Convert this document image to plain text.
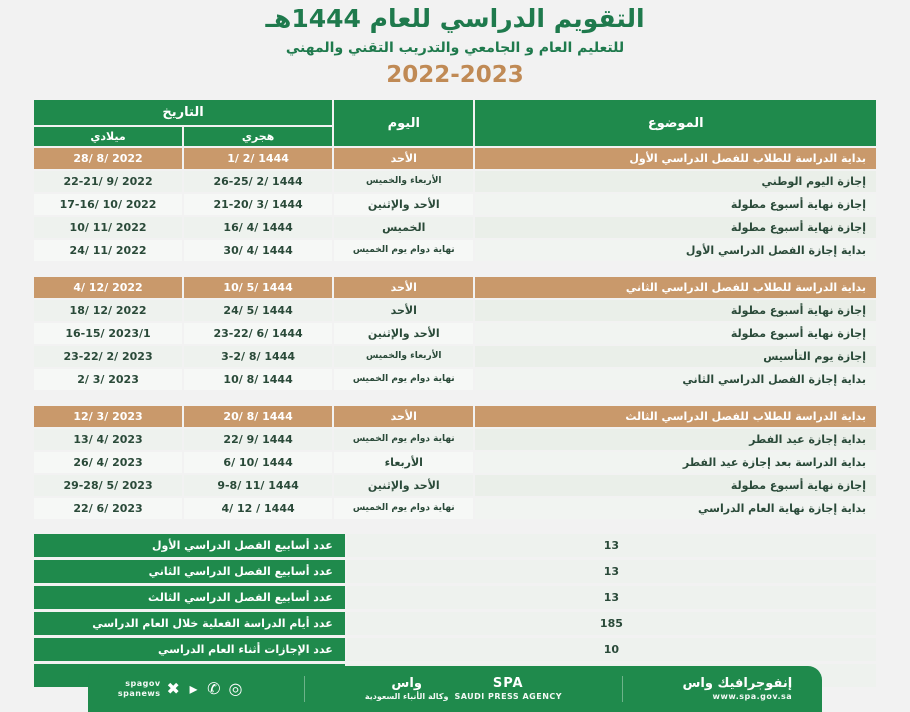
التقويم الدراسي للعام 1444هـ
للتعليم العام و الجامعي والتدريب التقني والمهني
2022-2023
الموضوع	اليوم	التاريخ	
		هجري	ميلادي
بداية الدراسة للطلاب للفصل الدراسي الأول	الأحد	1444 /2 /1	2022 /8 /28
إجازة اليوم الوطني	الأربعاء والخميس	1444 /2 /26-25	2022 /9 /22-21
إجازة نهاية أسبوع مطولة	الأحد والإثنين	1444 /3 /21-20	2022 /10 /17-16
إجازة نهاية أسبوع مطولة	الخميس	1444 /4 /16	2022 /11 /10
بداية إجازة الفصل الدراسي الأول	نهاية دوام يوم الخميس	1444 /4 /30	2022 /11 /24

بداية الدراسة للطلاب للفصل الدراسي الثاني	الأحد	1444 /5 /10	2022 /12 /4
إجازة نهاية أسبوع مطولة	الأحد	1444 /5 /24	2022 /12 /18
إجازة نهاية أسبوع مطولة	الأحد والإثنين	1444 /6 /23-22	2023/1 /16-15
إجازة يوم التأسيس	الأربعاء والخميس	1444 /8 /3-2	2023 /2 /23-22
بداية إجازة الفصل الدراسي الثاني	نهاية دوام يوم الخميس	1444 /8 /10	2023 /3 /2

بداية الدراسة للطلاب للفصل الدراسي الثالث	الأحد	1444 /8 /20	2023 /3 /12
بداية إجازة عيد الفطر	نهاية دوام يوم الخميس	1444 /9 /22	2023 /4 /13
بداية الدراسة بعد إجازة عيد الفطر	الأربعاء	1444 /10 /6	2023 /4 /26
إجازة نهاية أسبوع مطولة	الأحد والإثنين	1444 /11 /9-8	2023 /5 /29-28
بداية إجازة نهاية العام الدراسي	نهاية دوام يوم الخميس	1444 / 12 /4	2023 /6 /22
13	عدد أسابيع الفصل الدراسي الأول
13	عدد أسابيع الفصل الدراسي الثاني
13	عدد أسابيع الفصل الدراسي الثالث
185	عدد أيام الدراسة الفعلية خلال العام الدراسي
10	عدد الإجازات أثناء العام الدراسي

إنفوجرافيك واس
www.spa.gov.sa
SPA
SAUDI PRESS AGENCY
واس
وكالة الأنباء السعودية
◎
✆ ▸ ✖
spagov
spanews
